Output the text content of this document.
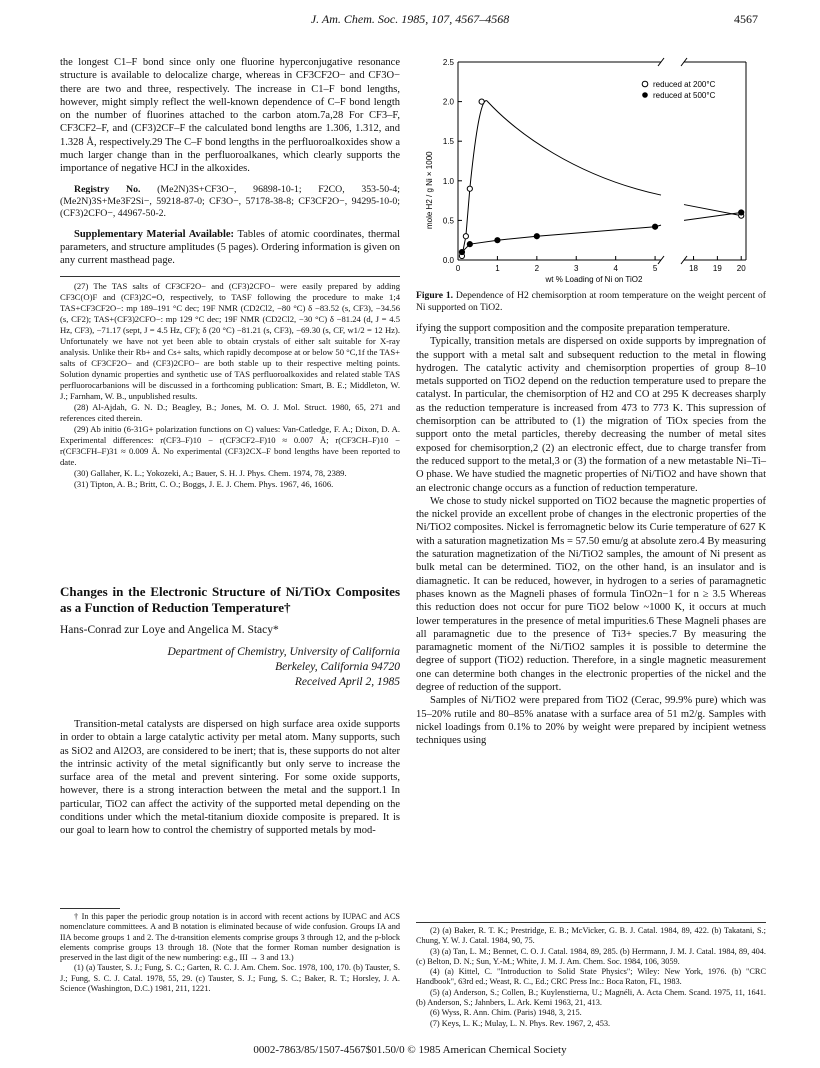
J. Am. Chem. Soc. 1985, 107, 4567–4568	4567

the longest C1–F bond since only one fluorine hyperconjugative resonance structure is available to delocalize charge, whereas in CF3CF2O− and CF3O− there are two and three, respectively. The increase in C1–F bond lengths, however, might simply reflect the well-known dependence of C–F bond length on the number of fluorines attached to the carbon atom.7a,28 For CF3–F, CF3CF2–F, and (CF3)2CF–F the calculated bond lengths are 1.306, 1.312, and 1.328 Å, respectively.29 The C–F bond lengths in the perfluoroalkoxides show a much larger change than in the perfluoroalkanes, which clearly supports the importance of negative HCJ in the alkoxides.

Registry No. (Me2N)3S+CF3O−, 96898-10-1; F2CO, 353-50-4; (Me2N)3S+Me3F2Si−, 59218-87-0; CF3O−, 57178-38-8; CF3CF2O−, 94295-10-0; (CF3)2CFO−, 44967-50-2.

Supplementary Material Available: Tables of atomic coordinates, thermal parameters, and structure amplitudes (5 pages). Ordering information is given on any current masthead page.

(27) The TAS salts of CF3CF2O− and (CF3)2CFO− were easily prepared by adding CF3C(O)F and (CF3)2C=O, respectively, to TASF following the procedure to make 1;4 TAS+CF3CF2O−: mp 189–191 °C dec; 19F NMR (CD2Cl2, −80 °C) δ −83.52 (s, CF3), −34.56 (s, CF2); TAS+(CF3)2CFO−: mp 129 °C dec; 19F NMR (CD2Cl2, −30 °C) δ −81.24 (d, J = 4.5 Hz, CF3), −71.17 (sept, J = 4.5 Hz, CF); δ (20 °C) −81.21 (s, CF3), −69.30 (s, CF, w1/2 = 12 Hz). Unfortunately we have not yet been able to obtain crystals of either salt suitable for X-ray analysis. Unlike their Rb+ and Cs+ salts, which rapidly decompose at or below 50 °C,1f the TAS+ salts of CF3CF2O− and (CF3)2CFO− are both stable up to their respective melting points. Solution dynamic properties and synthetic use of TAS perfluoroalkoxides and related stable TAS perfluorocarbanions will be discussed in a forthcoming publication: Smart, B. E.; Middleton, W. J.; Farnham, W. B., unpublished results.

(28) Al-Ajdah, G. N. D.; Beagley, B.; Jones, M. O. J. Mol. Struct. 1980, 65, 271 and references cited therein.

(29) Ab initio (6-31G+ polarization functions on C) values: Van-Catledge, F. A.; Dixon, D. A. Experimental differences: r(CF3–F)10 − r(CF3CF2–F)10 ≈ 0.007 Å; r(CF3CH–F)10 − r(CF3CFH–F)31 ≈ 0.009 Å. No experimental (CF3)2CX–F bond lengths have been reported to date.

(30) Gallaher, K. L.; Yokozeki, A.; Bauer, S. H. J. Phys. Chem. 1974, 78, 2389.

(31) Tipton, A. B.; Britt, C. O.; Boggs, J. E. J. Chem. Phys. 1967, 46, 1606.

Changes in the Electronic Structure of Ni/TiOx Composites as a Function of Reduction Temperature†
Hans-Conrad zur Loye and Angelica M. Stacy*
Department of Chemistry, University of California
Berkeley, California 94720
Received April 2, 1985

Transition-metal catalysts are dispersed on high surface area oxide supports in order to obtain a large catalytic activity per metal atom. Many supports, such as SiO2 and Al2O3, are considered to be inert; that is, these supports do not alter the intrinsic activity of the metal significantly but only serve to increase the surface area of the metal and prevent sintering. For some oxide supports, however, there is a strong interaction between the metal and the support.1 In particular, TiO2 can affect the activity of the supported metal depending on the conditions under which the metal-titanium dioxide composite is prepared. It is our goal to learn how to control the chemistry of supported metals by mod-

† In this paper the periodic group notation is in accord with recent actions by IUPAC and ACS nomenclature committees. A and B notation is eliminated because of wide confusion. Groups IA and IIA become groups 1 and 2. The d-transition elements comprise groups 3 through 12, and the p-block elements comprise groups 13 through 18. (Note that the former Roman number designation is preserved in the last digit of the new numbering: e.g., III → 3 and 13.)

(1) (a) Tauster, S. J.; Fung, S. C.; Garten, R. C. J. Am. Chem. Soc. 1978, 100, 170. (b) Tauster, S. J.; Fung, S. C. J. Catal. 1978, 55, 29. (c) Tauster, S. J.; Fung, S. C.; Baker, R. T.; Horsley, J. A. Science (Washington, D.C.) 1981, 211, 1221.

0.0
0.5
1.0
1.5
2.0
2.5
0	1	2	3	4	5	18 19 20
reduced at 200°C
reduced at 500°C
mole H2 / g Ni × 1000
wt % Loading of Ni on TiO2
Figure 1. Dependence of H2 chemisorption at room temperature on the weight percent of Ni supported on TiO2.

ifying the support composition and the composite preparation temperature.

Typically, transition metals are dispersed on oxide supports by impregnation of the support with a metal salt and subsequent reduction to the metal in flowing hydrogen. The catalytic activity and chemisorption properties of group 8–10 metals supported on TiO2 depend on the reduction temperature used to prepare the catalyst. In particular, the chemisorption of H2 and CO at 295 K decreases sharply as the reduction temperature is increased from 473 to 773 K. This supression of chemisorption can be attributed to (1) the migration of TiOx species from the support onto the metal particles, thereby decreasing the number of metal sites exposed for chemisorption,2 (2) an electronic effect, due to charge transfer from the reduced support to the metal,3 or (3) the formation of a new metastable Ni–Ti–O phase. We have studied the magnetic properties of Ni/TiO2 and have shown that an electronic change occurs as a function of reduction temperature.

We chose to study nickel supported on TiO2 because the magnetic properties of the nickel provide an excellent probe of changes in the electronic properties of the Ni/TiO2 composites. Nickel is ferromagnetic below its Curie temperature of 627 K with a saturation magnetization Ms = 57.50 emu/g at absolute zero.4 By measuring the saturation magnetization of the Ni/TiO2 samples, the amount of Ni present as bulk metal can be determined. TiO2, on the other hand, is an insulator and is diamagnetic. It can be reduced, however, in hydrogen to a series of paramagnetic phases known as the Magneli phases of formula TinO2n−1 for n ≥ 3.5 Whereas this reduction does not occur for pure TiO2 below ~1000 K, it occurs at much lower temperatures in the presence of metal impurities.6 These Magneli phases are all paramagnetic due to the presence of Ti3+ species.7 By measuring the paramagnetic moment of the Ni/TiO2 samples it is possible to determine the degree of support (TiO2) reduction. Therefore, in a single magnetic measurement one can determine both changes in the electronic properties of the nickel and the degree of reduction of the support.

Samples of Ni/TiO2 were prepared from TiO2 (Cerac, 99.9% pure) which was 15–20% rutile and 80–85% anatase with a surface area of 51 m2/g. Samples with nickel loadings from 0.1% to 20% by weight were prepared by incipient wetness techniques using

(2) (a) Baker, R. T. K.; Prestridge, E. B.; McVicker, G. B. J. Catal. 1984, 89, 422. (b) Takatani, S.; Chung, Y. W. J. Catal. 1984, 90, 75.

(3) (a) Tan, L. M.; Bennet, C. O. J. Catal. 1984, 89, 285. (b) Herrmann, J. M. J. Catal. 1984, 89, 404. (c) Belton, D. N.; Sun, Y.-M.; White, J. M. J. Am. Chem. Soc. 1984, 106, 3059.

(4) (a) Kittel, C. "Introduction to Solid State Physics"; Wiley: New York, 1976. (b) "CRC Handbook", 63rd ed.; Weast, R. C., Ed.; CRC Press Inc.: Boca Raton, FL, 1983.

(5) (a) Anderson, S.; Collen, B.; Kuylenstierna, U.; Magnéli, A. Acta Chem. Scand. 1975, 11, 1641. (b) Anderson, S.; Jahnbers, L. Ark. Kemi 1963, 21, 413.

(6) Wyss, R. Ann. Chim. (Paris) 1948, 3, 215.

(7) Keys, L. K.; Mulay, L. N. Phys. Rev. 1967, 2, 453.

0002-7863/85/1507-4567$01.50/0 © 1985 American Chemical Society
